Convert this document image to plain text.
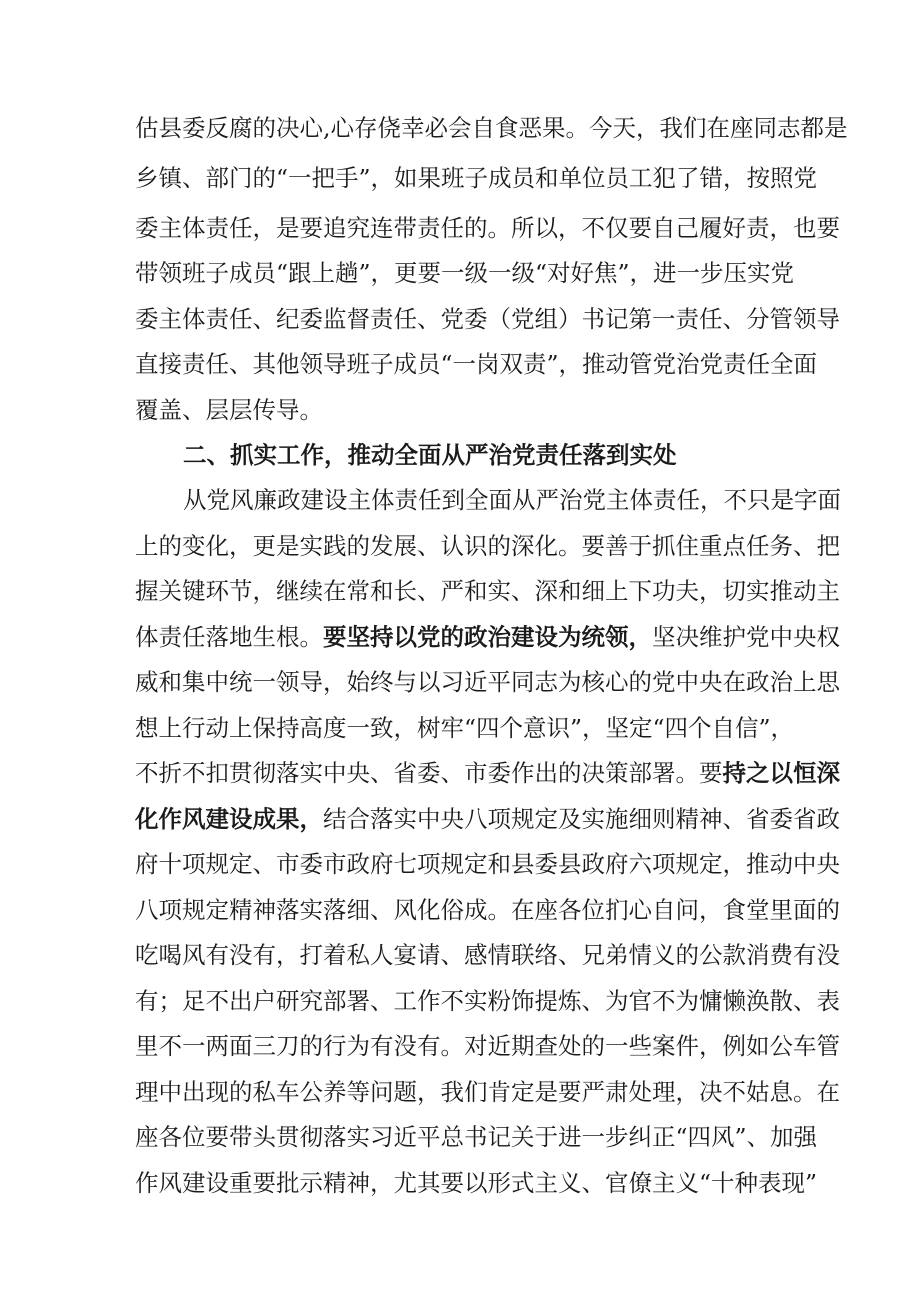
估县委反腐的决心,心存侥幸必会自食恶果。今天，我们在座同志都是
乡镇、部门的“一把手”，如果班子成员和单位员工犯了错，按照党
委主体责任，是要追究连带责任的。所以，不仅要自己履好责，也要
带领班子成员“跟上趟”，更要一级一级“对好焦”，进一步压实党
委主体责任、纪委监督责任、党委（党组）书记第一责任、分管领导
直接责任、其他领导班子成员“一岗双责”，推动管党治党责任全面
覆盖、层层传导。
二、抓实工作，推动全面从严治党责任落到实处
从党风廉政建设主体责任到全面从严治党主体责任，不只是字面
上的变化，更是实践的发展、认识的深化。要善于抓住重点任务、把
握关键环节，继续在常和长、严和实、深和细上下功夫，切实推动主
体责任落地生根。要坚持以党的政治建设为统领，坚决维护党中央权
威和集中统一领导，始终与以习近平同志为核心的党中央在政治上思
想上行动上保持高度一致，树牢“四个意识”，坚定“四个自信”，
不折不扣贯彻落实中央、省委、市委作出的决策部署。要持之以恒深
化作风建设成果，结合落实中央八项规定及实施细则精神、省委省政
府十项规定、市委市政府七项规定和县委县政府六项规定，推动中央
八项规定精神落实落细、风化俗成。在座各位扪心自问，食堂里面的
吃喝风有没有，打着私人宴请、感情联络、兄弟情义的公款消费有没
有；足不出户研究部署、工作不实粉饰提炼、为官不为慵懒涣散、表
里不一两面三刀的行为有没有。对近期查处的一些案件，例如公车管
理中出现的私车公养等问题，我们肯定是要严肃处理，决不姑息。在
座各位要带头贯彻落实习近平总书记关于进一步纠正“四风”、加强
作风建设重要批示精神，尤其要以形式主义、官僚主义“十种表现”
